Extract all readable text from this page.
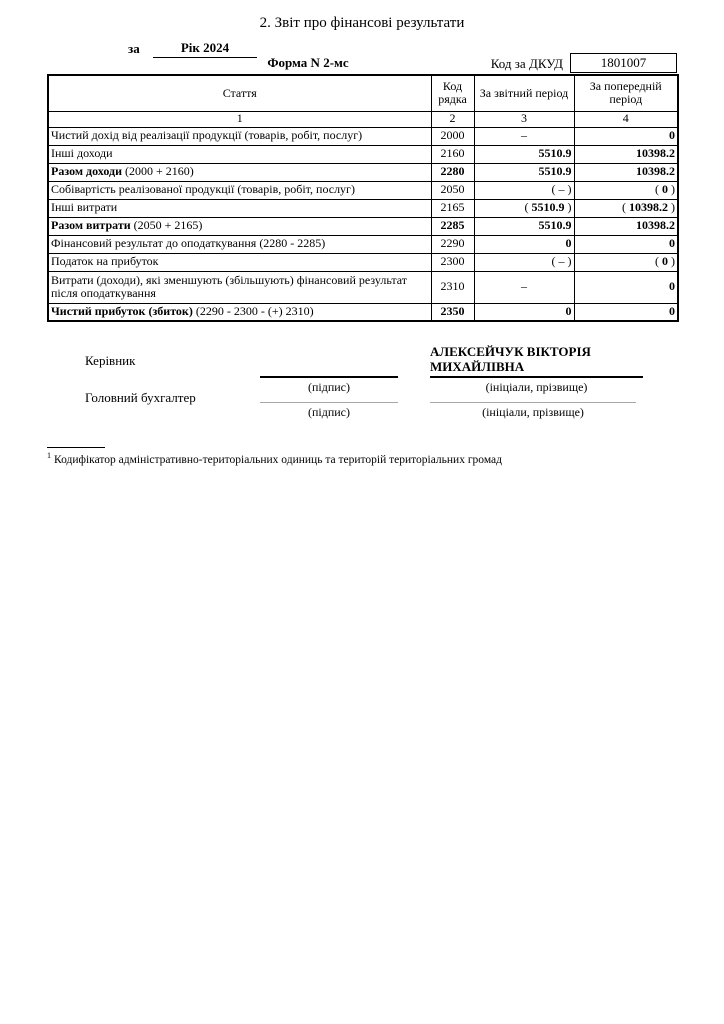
2. Звіт про фінансові результати
за	Рік 2024
Форма N 2-мс	Код за ДКУД	1801007
Стаття	Код рядка	За звітний період	За попередній період
1	2	3	4
Чистий дохід від реалізації продукції (товарів, робіт, послуг)	2000	–	0
Інші доходи	2160	5510.9	10398.2
Разом доходи (2000 + 2160)	2280	5510.9	10398.2
Собівартість реалізованої продукції (товарів, робіт, послуг)	2050	( – )	( 0 )
Інші витрати	2165	( 5510.9 )	( 10398.2 )
Разом витрати (2050 + 2165)	2285	5510.9	10398.2
Фінансовий результат до оподаткування (2280 - 2285)	2290	0	0
Податок на прибуток	2300	( – )	( 0 )
Витрати (доходи), які зменшують (збільшують) фінансовий результат після оподаткування	2310	–	0
Чистий прибуток (збиток) (2290 - 2300 - (+) 2310)	2350	0	0
Керівник
АЛЕКСЕЙЧУК ВІКТОРІЯ МИХАЙЛІВНА
(підпис)	(ініціали, прізвище)
Головний бухгалтер
(підпис)	(ініціали, прізвище)
$^1$ Кодифікатор адміністративно-територіальних одиниць та територій територіальних громад
